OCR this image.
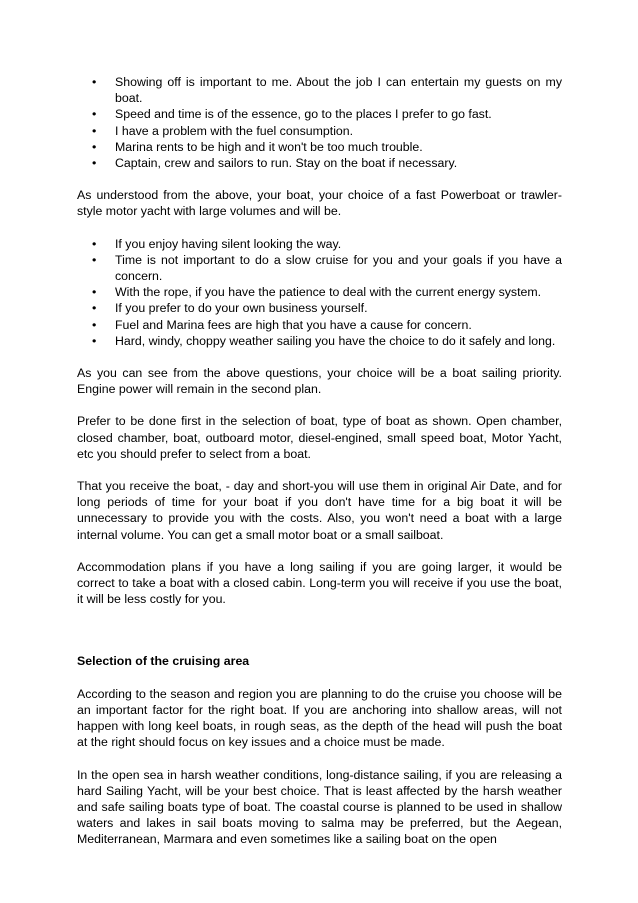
• Showing off is important to me. About the job I can entertain my guests on my boat.
• Speed and time is of the essence, go to the places I prefer to go fast.
• I have a problem with the fuel consumption.
• Marina rents to be high and it won't be too much trouble.
• Captain, crew and sailors to run. Stay on the boat if necessary.

As understood from the above, your boat, your choice of a fast Powerboat or trawler-style motor yacht with large volumes and will be.

• If you enjoy having silent looking the way.
• Time is not important to do a slow cruise for you and your goals if you have a concern.
• With the rope, if you have the patience to deal with the current energy system.
• If you prefer to do your own business yourself.
• Fuel and Marina fees are high that you have a cause for concern.
• Hard, windy, choppy weather sailing you have the choice to do it safely and long.

As you can see from the above questions, your choice will be a boat sailing priority. Engine power will remain in the second plan.

Prefer to be done first in the selection of boat, type of boat as shown. Open chamber, closed chamber, boat, outboard motor, diesel-engined, small speed boat, Motor Yacht, etc you should prefer to select from a boat.

That you receive the boat, - day and short-you will use them in original Air Date, and for long periods of time for your boat if you don't have time for a big boat it will be unnecessary to provide you with the costs. Also, you won't need a boat with a large internal volume. You can get a small motor boat or a small sailboat.

Accommodation plans if you have a long sailing if you are going larger, it would be correct to take a boat with a closed cabin. Long-term you will receive if you use the boat, it will be less costly for you.

Selection of the cruising area

According to the season and region you are planning to do the cruise you choose will be an important factor for the right boat. If you are anchoring into shallow areas, will not happen with long keel boats, in rough seas, as the depth of the head will push the boat at the right should focus on key issues and a choice must be made.

In the open sea in harsh weather conditions, long-distance sailing, if you are releasing a hard Sailing Yacht, will be your best choice. That is least affected by the harsh weather and safe sailing boats type of boat. The coastal course is planned to be used in shallow waters and lakes in sail boats moving to salma may be preferred, but the Aegean, Mediterranean, Marmara and even sometimes like a sailing boat on the open
